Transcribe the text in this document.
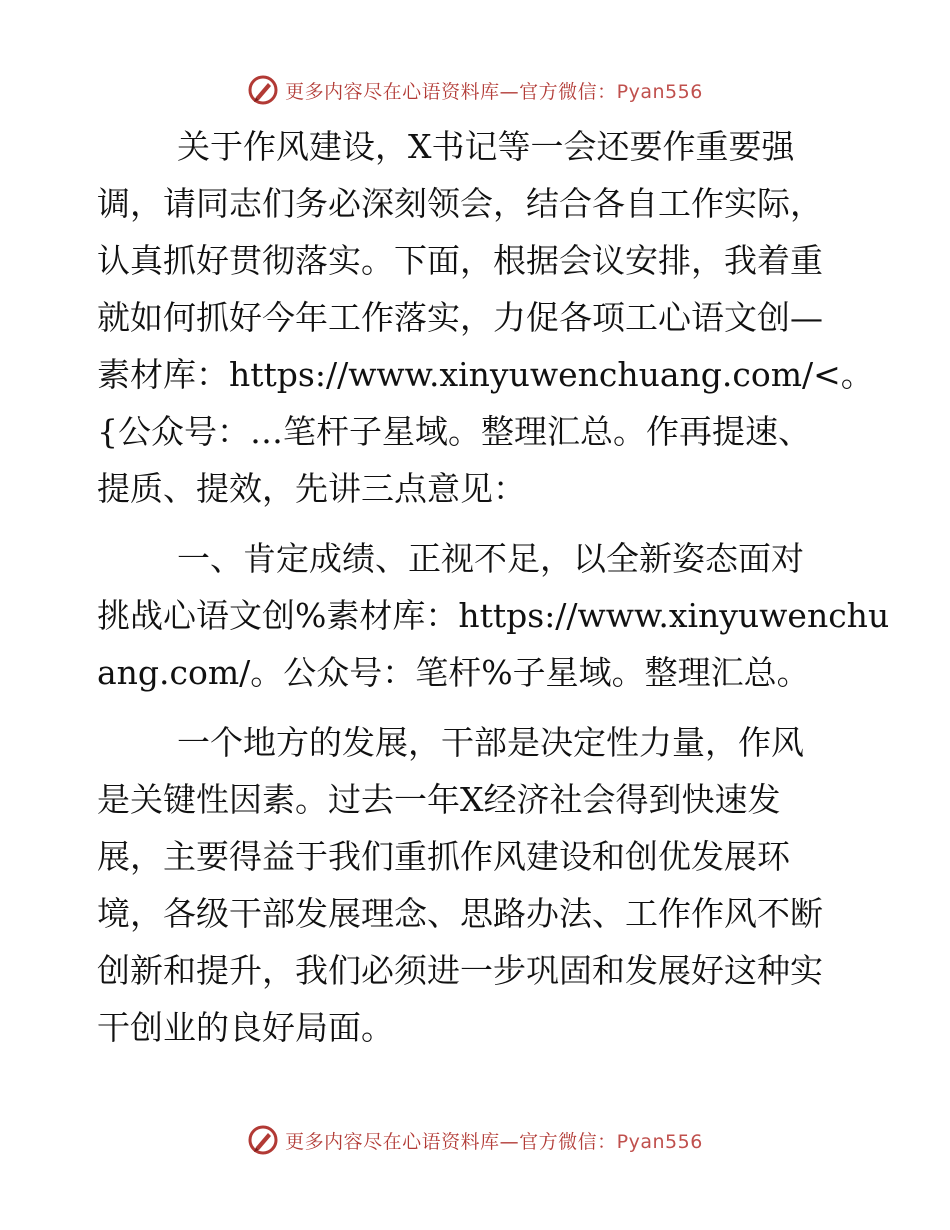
更多内容尽在心语资料库—官方微信：Pyan556
关于作风建设，X书记等一会还要作重要强
调，请同志们务必深刻领会，结合各自工作实际，
认真抓好贯彻落实。下面，根据会议安排，我着重
就如何抓好今年工作落实，力促各项工心语文创—
素材库：https://www.xinyuwenchuang.com/<。
{公众号：…笔杆子星域。整理汇总。作再提速、
提质、提效，先讲三点意见：
一、肯定成绩、正视不足，以全新姿态面对
挑战心语文创%素材库：https://www.xinyuwenchu
ang.com/。公众号：笔杆%子星域。整理汇总。
一个地方的发展，干部是决定性力量，作风
是关键性因素。过去一年X经济社会得到快速发
展，主要得益于我们重抓作风建设和创优发展环
境，各级干部发展理念、思路办法、工作作风不断
创新和提升，我们必须进一步巩固和发展好这种实
干创业的良好局面。
更多内容尽在心语资料库—官方微信：Pyan556
